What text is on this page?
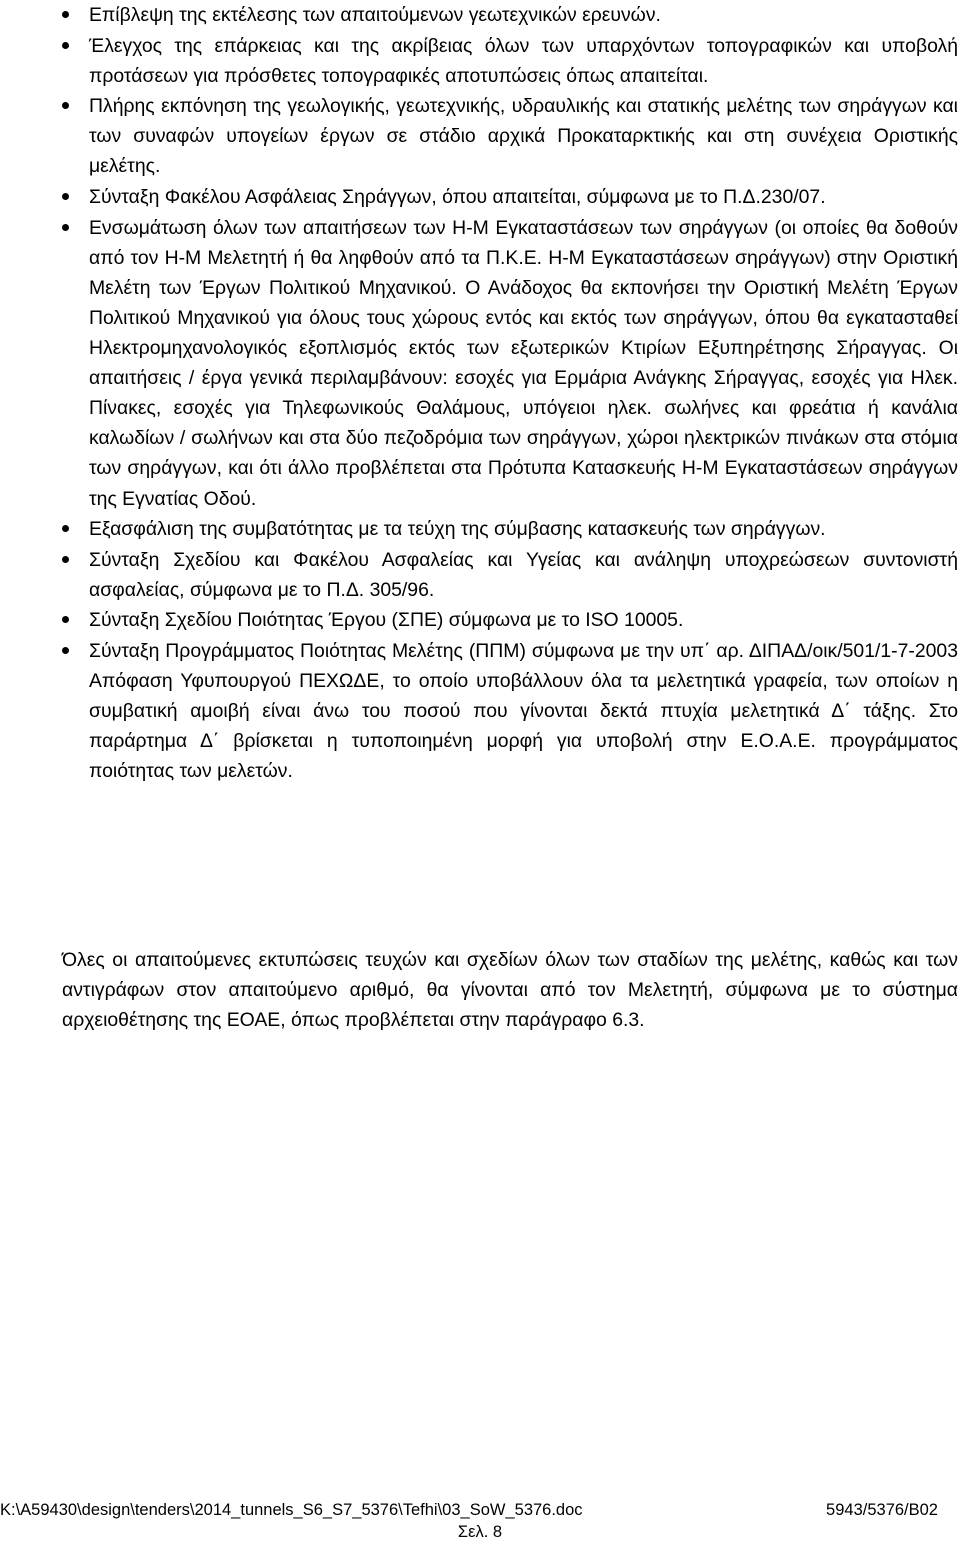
Επίβλεψη της εκτέλεσης των απαιτούμενων γεωτεχνικών ερευνών.
Έλεγχος της επάρκειας και της ακρίβειας όλων των υπαρχόντων τοπογραφικών και υποβολή προτάσεων για πρόσθετες τοπογραφικές αποτυπώσεις όπως απαιτείται.
Πλήρης εκπόνηση της γεωλογικής, γεωτεχνικής, υδραυλικής και στατικής μελέτης των σηράγγων και των συναφών υπογείων έργων σε στάδιο αρχικά Προκαταρκτικής και στη συνέχεια Οριστικής μελέτης.
Σύνταξη Φακέλου Ασφάλειας Σηράγγων, όπου απαιτείται, σύμφωνα με το Π.Δ.230/07.
Ενσωμάτωση όλων των απαιτήσεων των Η-Μ Εγκαταστάσεων των σηράγγων (οι οποίες θα δοθούν από τον Η-Μ Μελετητή ή θα ληφθούν από τα Π.Κ.Ε. Η-Μ Εγκαταστάσεων σηράγγων) στην Οριστική Μελέτη των Έργων Πολιτικού Μηχανικού. Ο Ανάδοχος θα εκπονήσει την Οριστική Μελέτη Έργων Πολιτικού Μηχανικού για όλους τους χώρους εντός και εκτός των σηράγγων, όπου θα εγκατασταθεί Ηλεκτρομηχανολογικός εξοπλισμός εκτός των εξωτερικών Κτιρίων Εξυπηρέτησης Σήραγγας. Οι απαιτήσεις / έργα γενικά περιλαμβάνουν: εσοχές για Ερμάρια Ανάγκης Σήραγγας, εσοχές για Ηλεκ. Πίνακες, εσοχές για Τηλεφωνικούς Θαλάμους, υπόγειοι ηλεκ. σωλήνες και φρεάτια ή κανάλια καλωδίων / σωλήνων και στα δύο πεζοδρόμια των σηράγγων, χώροι ηλεκτρικών πινάκων στα στόμια των σηράγγων, και ότι άλλο προβλέπεται στα Πρότυπα Κατασκευής Η-Μ Εγκαταστάσεων σηράγγων της Εγνατίας Οδού.
Εξασφάλιση της συμβατότητας με τα τεύχη της σύμβασης κατασκευής των σηράγγων.
Σύνταξη Σχεδίου και Φακέλου Ασφαλείας και Υγείας και ανάληψη υποχρεώσεων συντονιστή ασφαλείας, σύμφωνα με το Π.Δ. 305/96.
Σύνταξη Σχεδίου Ποιότητας Έργου (ΣΠΕ) σύμφωνα με το ISO 10005.
Σύνταξη Προγράμματος Ποιότητας Μελέτης (ΠΠΜ) σύμφωνα με την υπ΄ αρ. ΔΙΠΑΔ/οικ/501/1-7-2003 Απόφαση Υφυπουργού ΠΕΧΩΔΕ, το οποίο υποβάλλουν όλα τα μελετητικά γραφεία, των οποίων η συμβατική αμοιβή είναι άνω του ποσού που γίνονται δεκτά πτυχία μελετητικά Δ΄ τάξης. Στο παράρτημα Δ΄ βρίσκεται η τυποποιημένη μορφή για υποβολή στην Ε.Ο.Α.Ε. προγράμματος ποιότητας των μελετών.

Όλες οι απαιτούμενες εκτυπώσεις τευχών και σχεδίων όλων των σταδίων της μελέτης, καθώς και των αντιγράφων στον απαιτούμενο αριθμό, θα γίνονται από τον Μελετητή, σύμφωνα με το σύστημα αρχειοθέτησης της ΕΟΑΕ, όπως προβλέπεται στην παράγραφο 6.3.

K:\A59430\design\tenders\2014_tunnels_S6_S7_5376\Tefhi\03_SoW_5376.doc	5943/5376/B02
Σελ. 8
